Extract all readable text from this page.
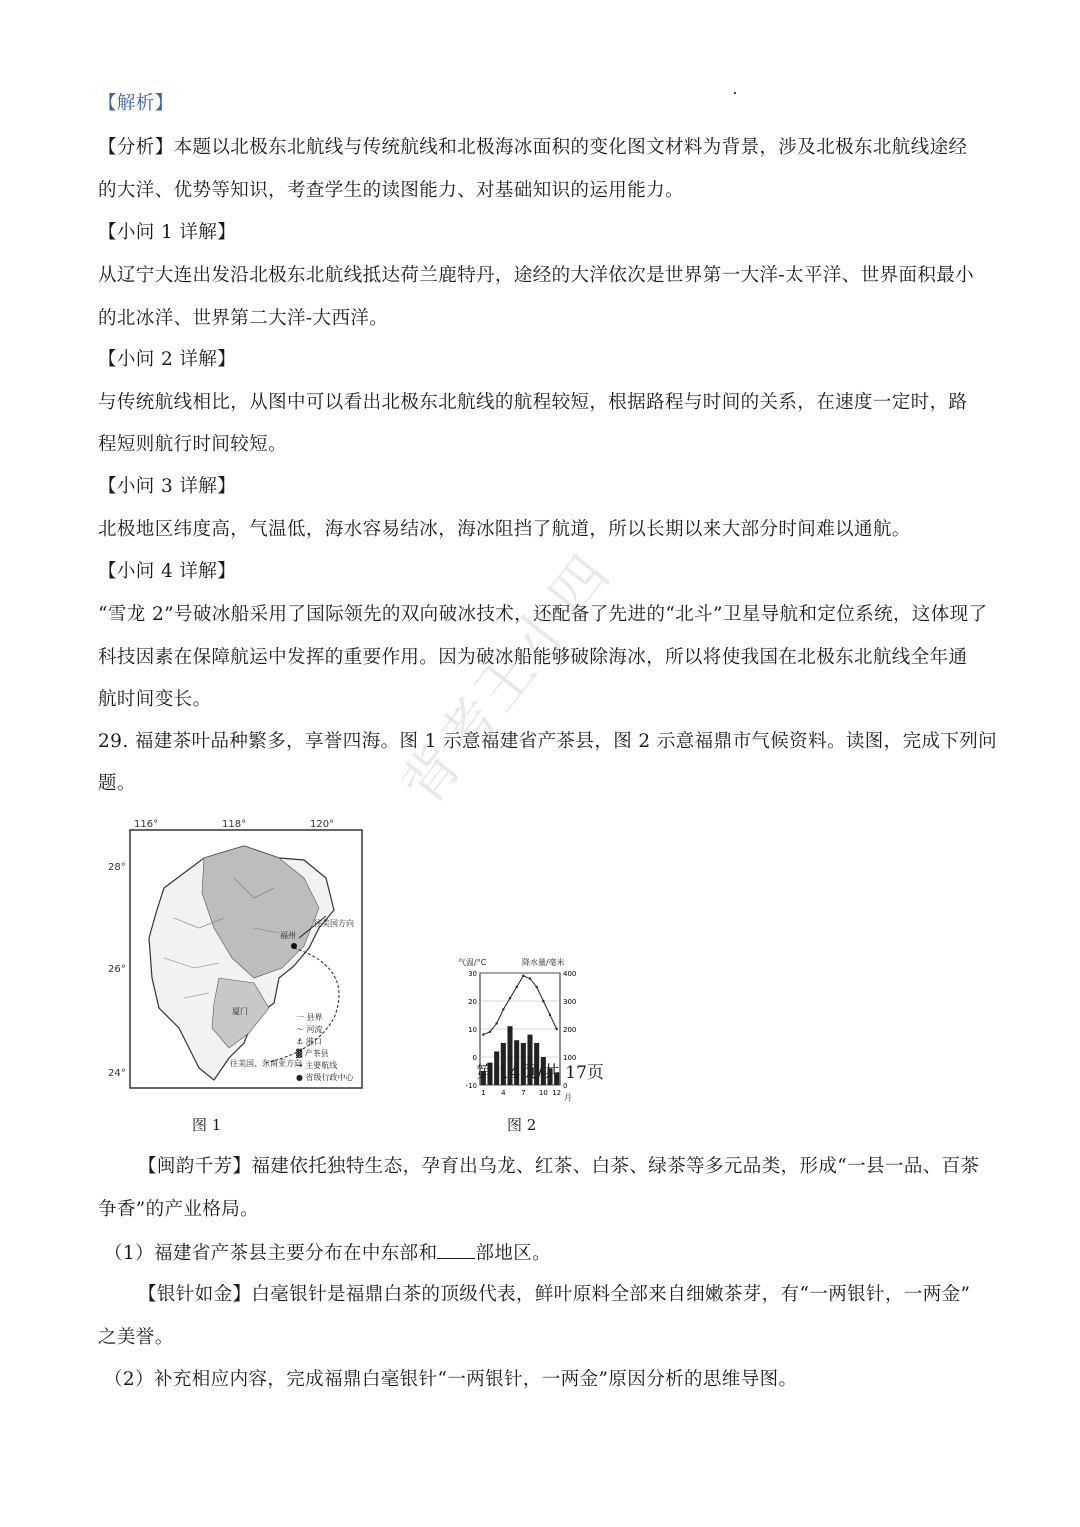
【解析】
【分析】本题以北极东北航线与传统航线和北极海冰面积的变化图文材料为背景，涉及北极东北航线途经
的大洋、优势等知识，考查学生的读图能力、对基础知识的运用能力。
【小问 1 详解】
从辽宁大连出发沿北极东北航线抵达荷兰鹿特丹，途经的大洋依次是世界第一大洋-太平洋、世界面积最小
的北冰洋、世界第二大洋-大西洋。
【小问 2 详解】
与传统航线相比，从图中可以看出北极东北航线的航程较短，根据路程与时间的关系，在速度一定时，路
程短则航行时间较短。
【小问 3 详解】
北极地区纬度高，气温低，海水容易结冰，海冰阻挡了航道，所以长期以来大部分时间难以通航。
【小问 4 详解】
“雪龙 2”号破冰船采用了国际领先的双向破冰技术，还配备了先进的“北斗”卫星导航和定位系统，这体现了
科技因素在保障航运中发挥的重要作用。因为破冰船能够破除海冰，所以将使我国在北极东北航线全年通
航时间变长。
29. 福建茶叶品种繁多，享誉四海。图 1 示意福建省产茶县，图 2 示意福鼎市气候资料。读图，完成下列问
题。
116°	118°	120°
28°
26°
24°
往美国方向
往美国、东南亚方向
福州
厦门
一 县界
～ 河流
⚓ 港口
▓ 产茶县
→ 主要航线
● 省级行政中心
图 1
气温/°C	降水量/毫米
30
20
10
0
-10
400
300
200
100
0
1 4 7 10 12 月
图 2
【闽韵千芳】福建依托独特生态，孕育出乌龙、红茶、白茶、绿茶等多元品类，形成“一县一品、百茶
争香”的产业格局。
（1）福建省产茶县主要分布在中东部和 部地区。
【银针如金】白毫银针是福鼎白茶的顶级代表，鲜叶原料全部来自细嫩茶芽，有“一两银针，一两金”
之美誉。
（2）补充相应内容，完成福鼎白毫银针“一两银针，一两金”原因分析的思维导图。
第 14页/共 17页
背考王小四
